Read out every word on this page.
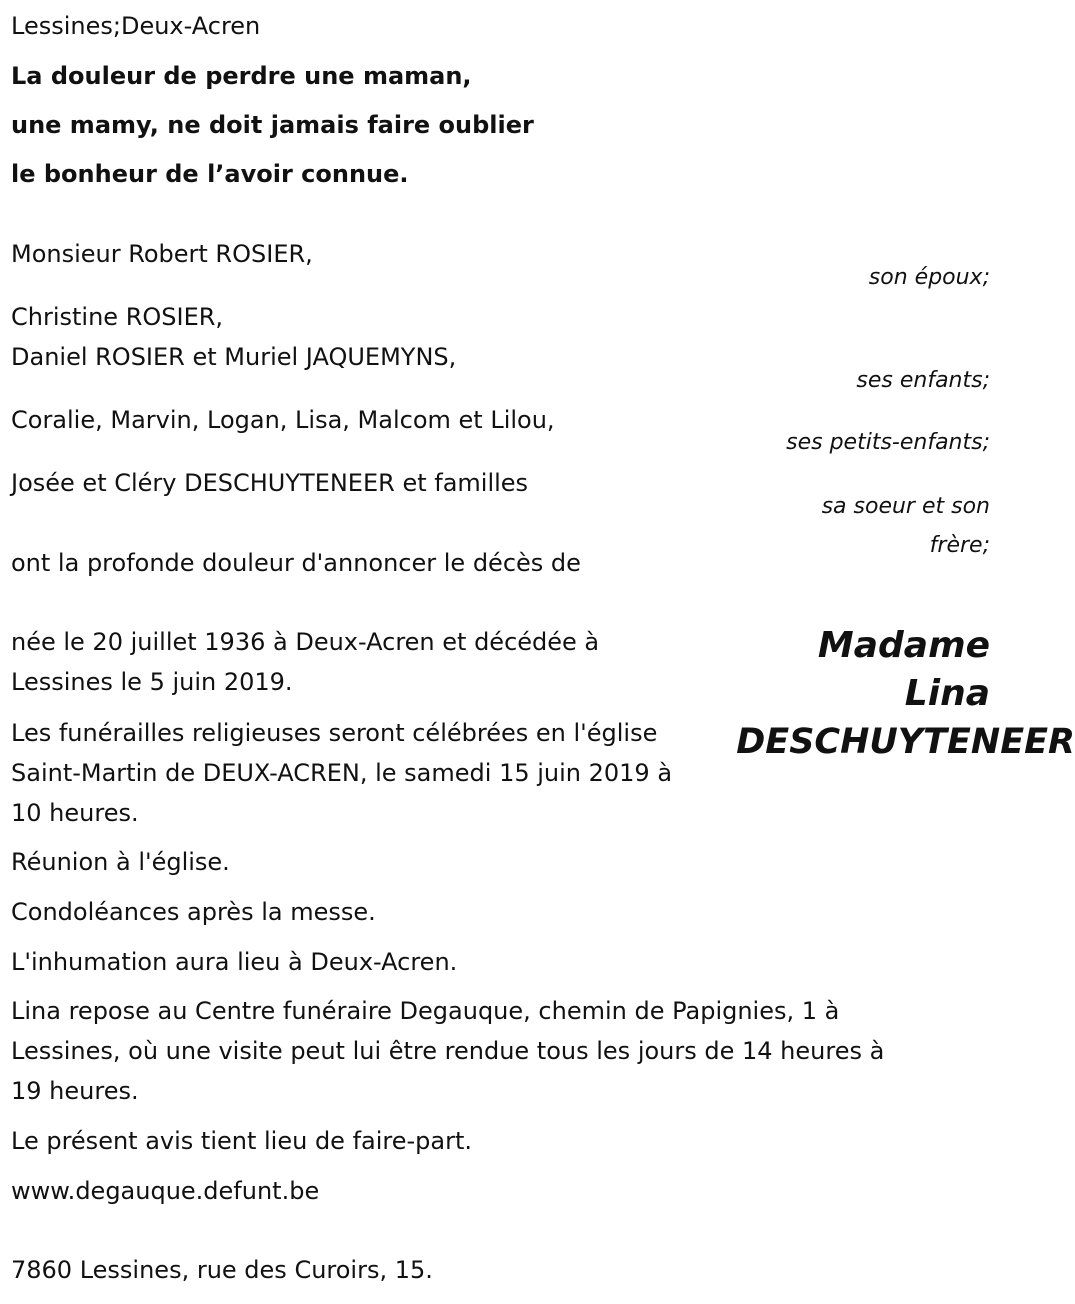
Lessines;Deux-Acren

La douleur de perdre une maman,

une mamy, ne doit jamais faire oublier

le bonheur de l’avoir connue.

Monsieur Robert ROSIER,

son époux;

Christine ROSIER,

Daniel ROSIER et Muriel JAQUEMYNS,

ses enfants;

Coralie, Marvin, Logan, Lisa, Malcom et Lilou,

ses petits-enfants;

Josée et Cléry DESCHUYTENEER et familles

sa soeur et son

frère;

ont la profonde douleur d'annoncer le décès de

Madame
Lina
DESCHUYTENEER

née le 20 juillet 1936 à Deux-Acren et décédée à

Lessines le 5 juin 2019.

Les funérailles religieuses seront célébrées en l'église

Saint-Martin de DEUX-ACREN, le samedi 15 juin 2019 à

10 heures.

Réunion à l'église.

Condoléances après la messe.

L'inhumation aura lieu à Deux-Acren.

Lina repose au Centre funéraire Degauque, chemin de Papignies, 1 à

Lessines, où une visite peut lui être rendue tous les jours de 14 heures à

19 heures.

Le présent avis tient lieu de faire-part.

www.degauque.defunt.be

7860 Lessines, rue des Curoirs, 15.
